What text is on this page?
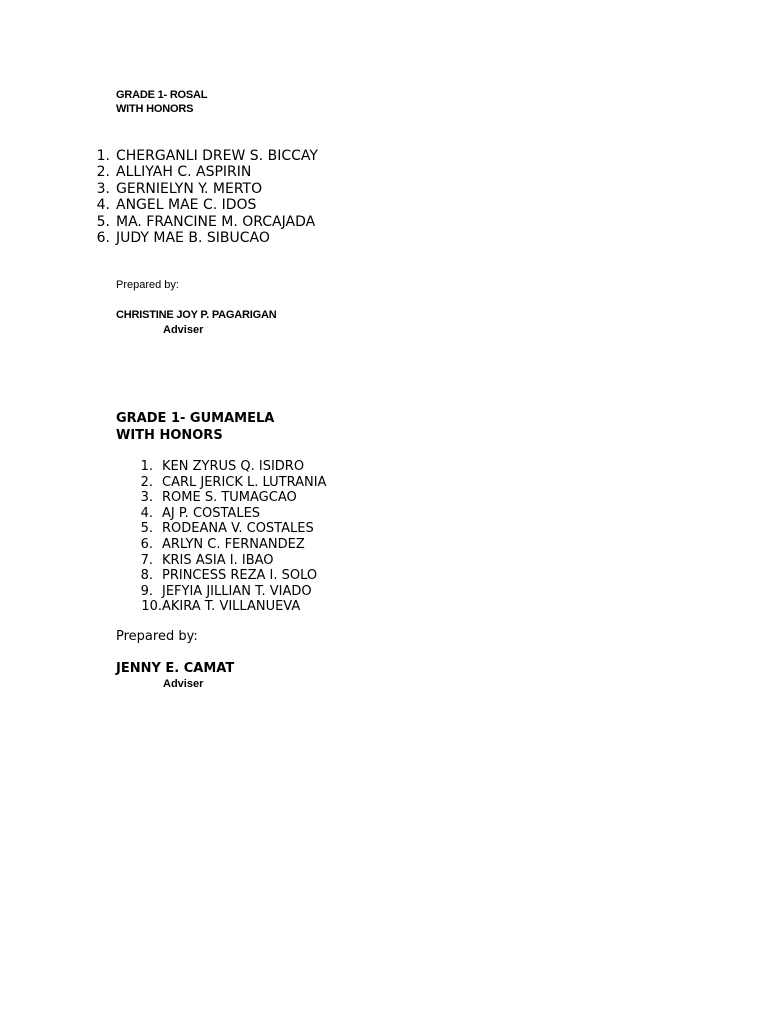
GRADE 1- ROSAL
WITH HONORS
1. CHERGANLI DREW S. BICCAY
2. ALLIYAH C. ASPIRIN
3. GERNIELYN Y. MERTO
4. ANGEL MAE C. IDOS
5. MA. FRANCINE M. ORCAJADA
6. JUDY MAE B. SIBUCAO
Prepared by:
CHRISTINE JOY P. PAGARIGAN
Adviser
GRADE 1- GUMAMELA
WITH HONORS
1. KEN ZYRUS Q. ISIDRO
2. CARL JERICK L. LUTRANIA
3. ROME S. TUMAGCAO
4. AJ P. COSTALES
5. RODEANA V. COSTALES
6. ARLYN C. FERNANDEZ
7. KRIS ASIA I. IBAO
8. PRINCESS REZA I. SOLO
9. JEFYIA JILLIAN T. VIADO
10. AKIRA T. VILLANUEVA
Prepared by:
JENNY E. CAMAT
Adviser
